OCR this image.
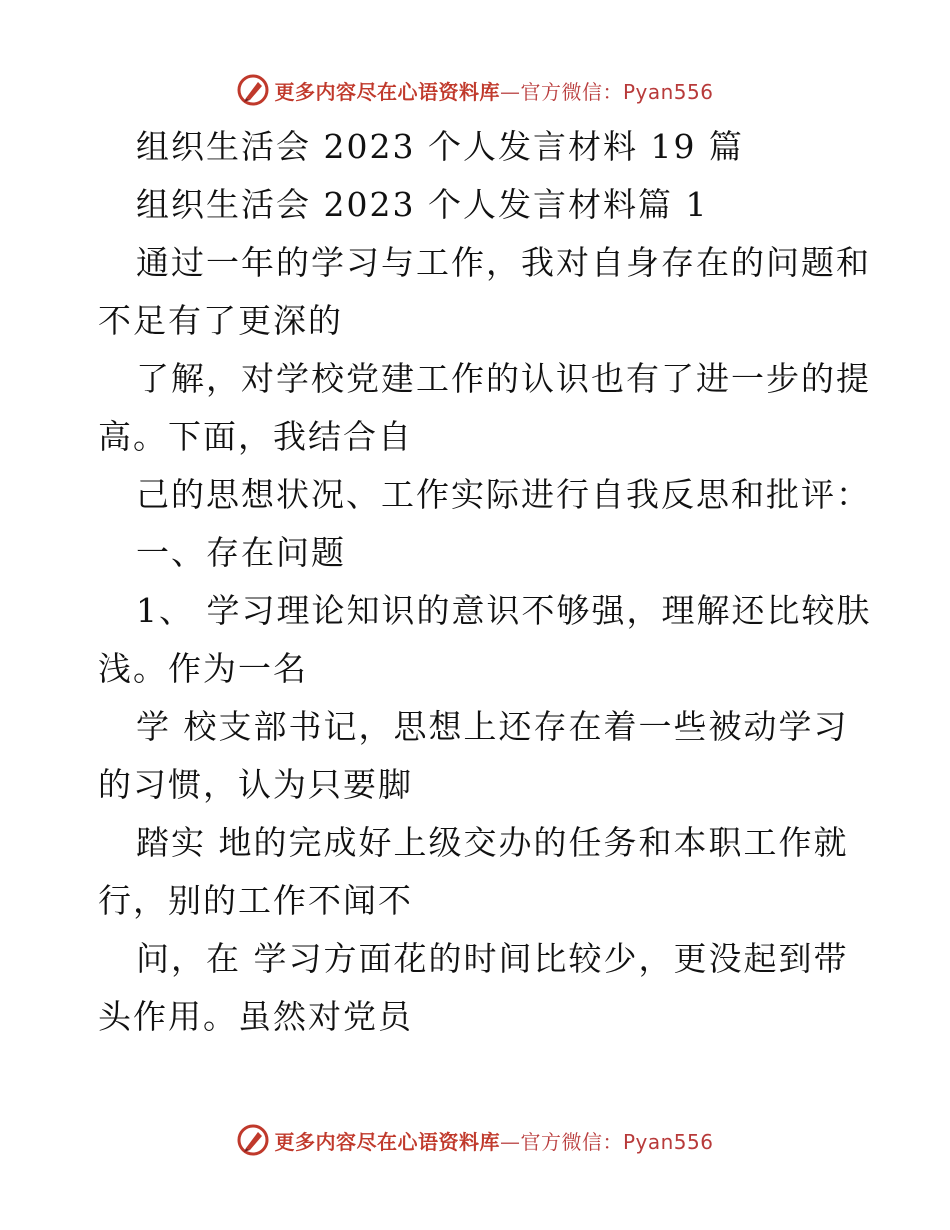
更多内容尽在心语资料库—官方微信：Pyan556
组织生活会 2023 个人发言材料 19 篇
组织生活会 2023 个人发言材料篇 1
通过一年的学习与工作，我对自身存在的问题和
不足有了更深的
了解，对学校党建工作的认识也有了进一步的提
高。下面，我结合自
己的思想状况、工作实际进行自我反思和批评：
一、存在问题
1、 学习理论知识的意识不够强，理解还比较肤
浅。作为一名
学 校支部书记，思想上还存在着一些被动学习
的习惯，认为只要脚
踏实 地的完成好上级交办的任务和本职工作就
行，别的工作不闻不
问，在 学习方面花的时间比较少，更没起到带
头作用。虽然对党员
更多内容尽在心语资料库—官方微信：Pyan556
